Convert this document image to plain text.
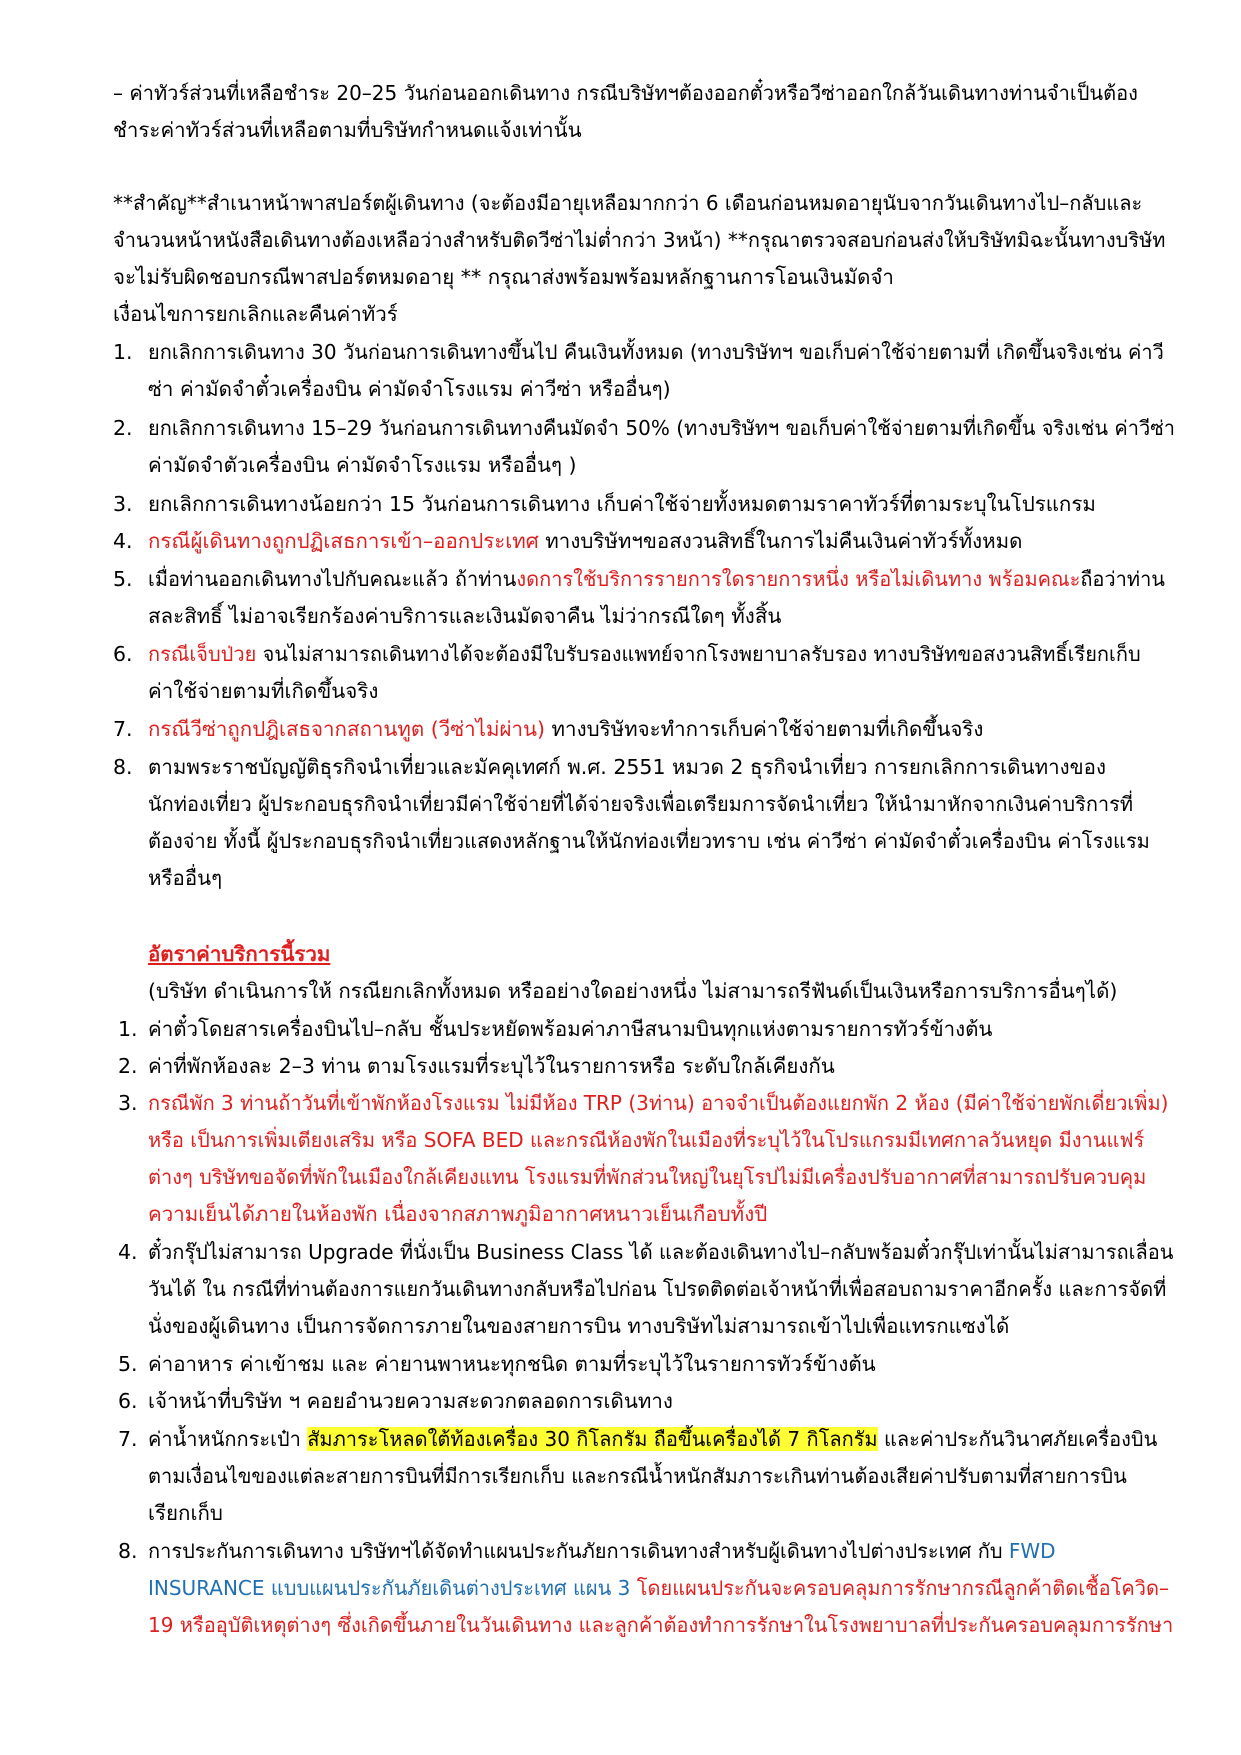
– ค่าทัวร์ส่วนที่เหลือชำระ 20–25 วันก่อนออกเดินทาง กรณีบริษัทฯต้องออกตั๋วหรือวีซ่าออกใกล้วันเดินทางท่านจำเป็นต้อง
ชำระค่าทัวร์ส่วนที่เหลือตามที่บริษัทกำหนดแจ้งเท่านั้น
**สำคัญ**สำเนาหน้าพาสปอร์ตผู้เดินทาง (จะต้องมีอายุเหลือมากกว่า 6 เดือนก่อนหมดอายุนับจากวันเดินทางไป–กลับและ
จำนวนหน้าหนังสือเดินทางต้องเหลือว่างสำหรับติดวีซ่าไม่ต่ำกว่า 3หน้า) **กรุณาตรวจสอบก่อนส่งให้บริษัทมิฉะนั้นทางบริษัท
จะไม่รับผิดชอบกรณีพาสปอร์ตหมดอายุ ** กรุณาส่งพร้อมพร้อมหลักฐานการโอนเงินมัดจำ
เงื่อนไขการยกเลิกและคืนค่าทัวร์
1. ยกเลิกการเดินทาง 30 วันก่อนการเดินทางขึ้นไป คืนเงินทั้งหมด (ทางบริษัทฯ ขอเก็บค่าใช้จ่ายตามที่ เกิดขึ้นจริงเช่น ค่าวี
ซ่า ค่ามัดจำตั๋วเครื่องบิน ค่ามัดจำโรงแรม ค่าวีซ่า หรืออื่นๆ)
2. ยกเลิกการเดินทาง 15–29 วันก่อนการเดินทางคืนมัดจำ 50% (ทางบริษัทฯ ขอเก็บค่าใช้จ่ายตามที่เกิดขึ้น จริงเช่น ค่าวีซ่า
ค่ามัดจำตัวเครื่องบิน ค่ามัดจำโรงแรม หรืออื่นๆ )
3. ยกเลิกการเดินทางน้อยกว่า 15 วันก่อนการเดินทาง เก็บค่าใช้จ่ายทั้งหมดตามราคาทัวร์ที่ตามระบุในโปรแกรม
4. กรณีผู้เดินทางถูกปฏิเสธการเข้า–ออกประเทศ ทางบริษัทฯขอสงวนสิทธิ์ในการไม่คืนเงินค่าทัวร์ทั้งหมด
5. เมื่อท่านออกเดินทางไปกับคณะแล้ว ถ้าท่านงดการใช้บริการรายการใดรายการหนึ่ง หรือไม่เดินทาง พร้อมคณะถือว่าท่าน
สละสิทธิ์ ไม่อาจเรียกร้องค่าบริการและเงินมัดจาคืน ไม่ว่ากรณีใดๆ ทั้งสิ้น
6. กรณีเจ็บป่วย จนไม่สามารถเดินทางได้จะต้องมีใบรับรองแพทย์จากโรงพยาบาลรับรอง ทางบริษัทขอสงวนสิทธิ์เรียกเก็บ
ค่าใช้จ่ายตามที่เกิดขึ้นจริง
7. กรณีวีซ่าถูกปฎิเสธจากสถานทูต (วีซ่าไม่ผ่าน) ทางบริษัทจะทำการเก็บค่าใช้จ่ายตามที่เกิดขึ้นจริง
8. ตามพระราชบัญญัติธุรกิจนำเที่ยวและมัคคุเทศก์ พ.ศ. 2551 หมวด 2 ธุรกิจนำเที่ยว การยกเลิกการเดินทางของ
นักท่องเที่ยว ผู้ประกอบธุรกิจนำเที่ยวมีค่าใช้จ่ายที่ได้จ่ายจริงเพื่อเตรียมการจัดนำเที่ยว ให้นำมาหักจากเงินค่าบริการที่
ต้องจ่าย ทั้งนี้ ผู้ประกอบธุรกิจนำเที่ยวแสดงหลักฐานให้นักท่องเที่ยวทราบ เช่น ค่าวีซ่า ค่ามัดจำตั๋วเครื่องบิน ค่าโรงแรม
หรืออื่นๆ
อัตราค่าบริการนี้รวม
(บริษัท ดำเนินการให้ กรณียกเลิกทั้งหมด หรืออย่างใดอย่างหนึ่ง ไม่สามารถรีฟันด์เป็นเงินหรือการบริการอื่นๆได้)
1. ค่าตั๋วโดยสารเครื่องบินไป–กลับ ชั้นประหยัดพร้อมค่าภาษีสนามบินทุกแห่งตามรายการทัวร์ข้างต้น
2. ค่าที่พักห้องละ 2–3 ท่าน ตามโรงแรมที่ระบุไว้ในรายการหรือ ระดับใกล้เคียงกัน
3. กรณีพัก 3 ท่านถ้าวันที่เข้าพักห้องโรงแรม ไม่มีห้อง TRP (3ท่าน) อาจจำเป็นต้องแยกพัก 2 ห้อง (มีค่าใช้จ่ายพักเดี่ยวเพิ่ม)
หรือ เป็นการเพิ่มเตียงเสริม หรือ SOFA BED และกรณีห้องพักในเมืองที่ระบุไว้ในโปรแกรมมีเทศกาลวันหยุด มีงานแฟร์
ต่างๆ บริษัทขอจัดที่พักในเมืองใกล้เคียงแทน โรงแรมที่พักส่วนใหญ่ในยุโรปไม่มีเครื่องปรับอากาศที่สามารถปรับควบคุม
ความเย็นได้ภายในห้องพัก เนื่องจากสภาพภูมิอากาศหนาวเย็นเกือบทั้งปี
4. ตั๋วกรุ๊ปไม่สามารถ Upgrade ที่นั่งเป็น Business Class ได้ และต้องเดินทางไป–กลับพร้อมตั๋วกรุ๊ปเท่านั้นไม่สามารถเลื่อน
วันได้ ใน กรณีที่ท่านต้องการแยกวันเดินทางกลับหรือไปก่อน โปรดติดต่อเจ้าหน้าที่เพื่อสอบถามราคาอีกครั้ง และการจัดที่
นั่งของผู้เดินทาง เป็นการจัดการภายในของสายการบิน ทางบริษัทไม่สามารถเข้าไปเพื่อแทรกแซงได้
5. ค่าอาหาร ค่าเข้าชม และ ค่ายานพาหนะทุกชนิด ตามที่ระบุไว้ในรายการทัวร์ข้างต้น
6. เจ้าหน้าที่บริษัท ฯ คอยอำนวยความสะดวกตลอดการเดินทาง
7. ค่าน้ำหนักกระเป๋า สัมภาระโหลดใต้ท้องเครื่อง 30 กิโลกรัม ถือขึ้นเครื่องได้ 7 กิโลกรัม และค่าประกันวินาศภัยเครื่องบิน
ตามเงื่อนไขของแต่ละสายการบินที่มีการเรียกเก็บ และกรณีน้ำหนักสัมภาระเกินท่านต้องเสียค่าปรับตามที่สายการบิน
เรียกเก็บ
8. การประกันการเดินทาง บริษัทฯได้จัดทำแผนประกันภัยการเดินทางสำหรับผู้เดินทางไปต่างประเทศ กับ FWD
INSURANCE แบบแผนประกันภัยเดินต่างประเทศ แผน 3 โดยแผนประกันจะครอบคลุมการรักษากรณีลูกค้าติดเชื้อโควิด–
19 หรืออุบัติเหตุต่างๆ ซึ่งเกิดขึ้นภายในวันเดินทาง และลูกค้าต้องทำการรักษาในโรงพยาบาลที่ประกันครอบคลุมการรักษา
